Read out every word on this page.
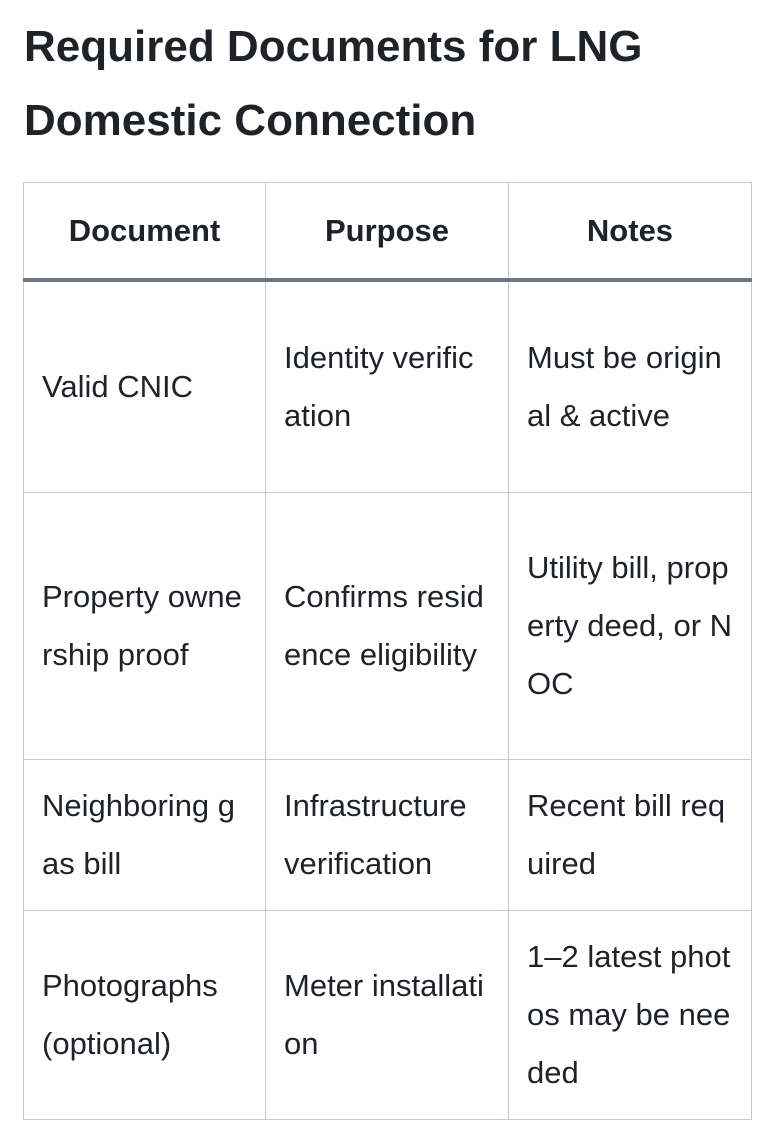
Required Documents for LNG Domestic Connection
Document	Purpose	Notes
Valid CNIC	Identity verification	Must be original & active
Property ownership proof	Confirms residence eligibility	Utility bill, property deed, or NOC
Neighboring gas bill	Infrastructure verification	Recent bill required
Photographs (optional)	Meter installation	1–2 latest photos may be needed
